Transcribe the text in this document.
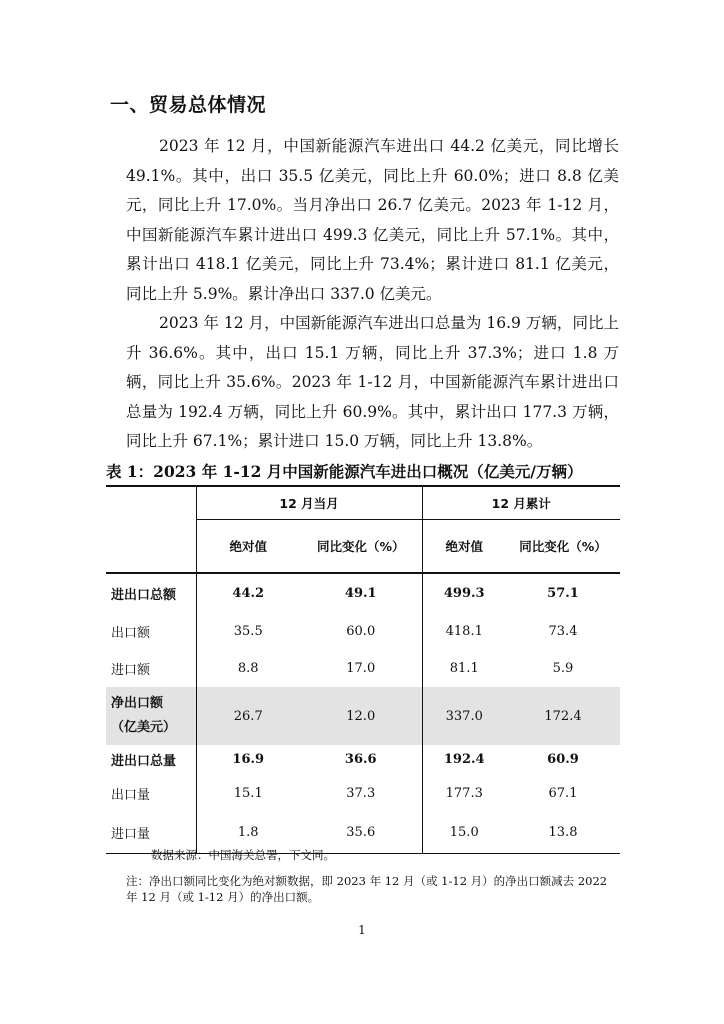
一、贸易总体情况

2023 年 12 月，中国新能源汽车进出口 44.2 亿美元，同比增长 49.1%。其中，出口 35.5 亿美元，同比上升 60.0%；进口 8.8 亿美元，同比上升 17.0%。当月净出口 26.7 亿美元。2023 年 1-12 月，中国新能源汽车累计进出口 499.3 亿美元，同比上升 57.1%。其中，累计出口 418.1 亿美元，同比上升 73.4%；累计进口 81.1 亿美元，同比上升 5.9%。累计净出口 337.0 亿美元。

2023 年 12 月，中国新能源汽车进出口总量为 16.9 万辆，同比上升 36.6%。其中，出口 15.1 万辆，同比上升 37.3%；进口 1.8 万辆，同比上升 35.6%。2023 年 1-12 月，中国新能源汽车累计进出口总量为 192.4 万辆，同比上升 60.9%。其中，累计出口 177.3 万辆，同比上升 67.1%；累计进口 15.0 万辆，同比上升 13.8%。

表 1：2023 年 1-12 月中国新能源汽车进出口概况（亿美元/万辆）
	12 月当月		12 月累计	
	绝对值	同比变化（%）	绝对值	同比变化（%）
进出口总额	44.2	49.1	499.3	57.1
出口额	35.5	60.0	418.1	73.4
进口额	8.8	17.0	81.1	5.9

净出口额
（亿美元）	26.7	12.0	337.0	172.4
进出口总量	16.9	36.6	192.4	60.9
出口量	15.1	37.3	177.3	67.1
进口量	1.8	35.6	15.0	13.8
数据来源：中国海关总署，下文同。
注：净出口额同比变化为绝对额数据，即 2023 年 12 月（或 1-12 月）的净出口额减去 2022 年 12 月（或 1-12 月）的净出口额。
1
